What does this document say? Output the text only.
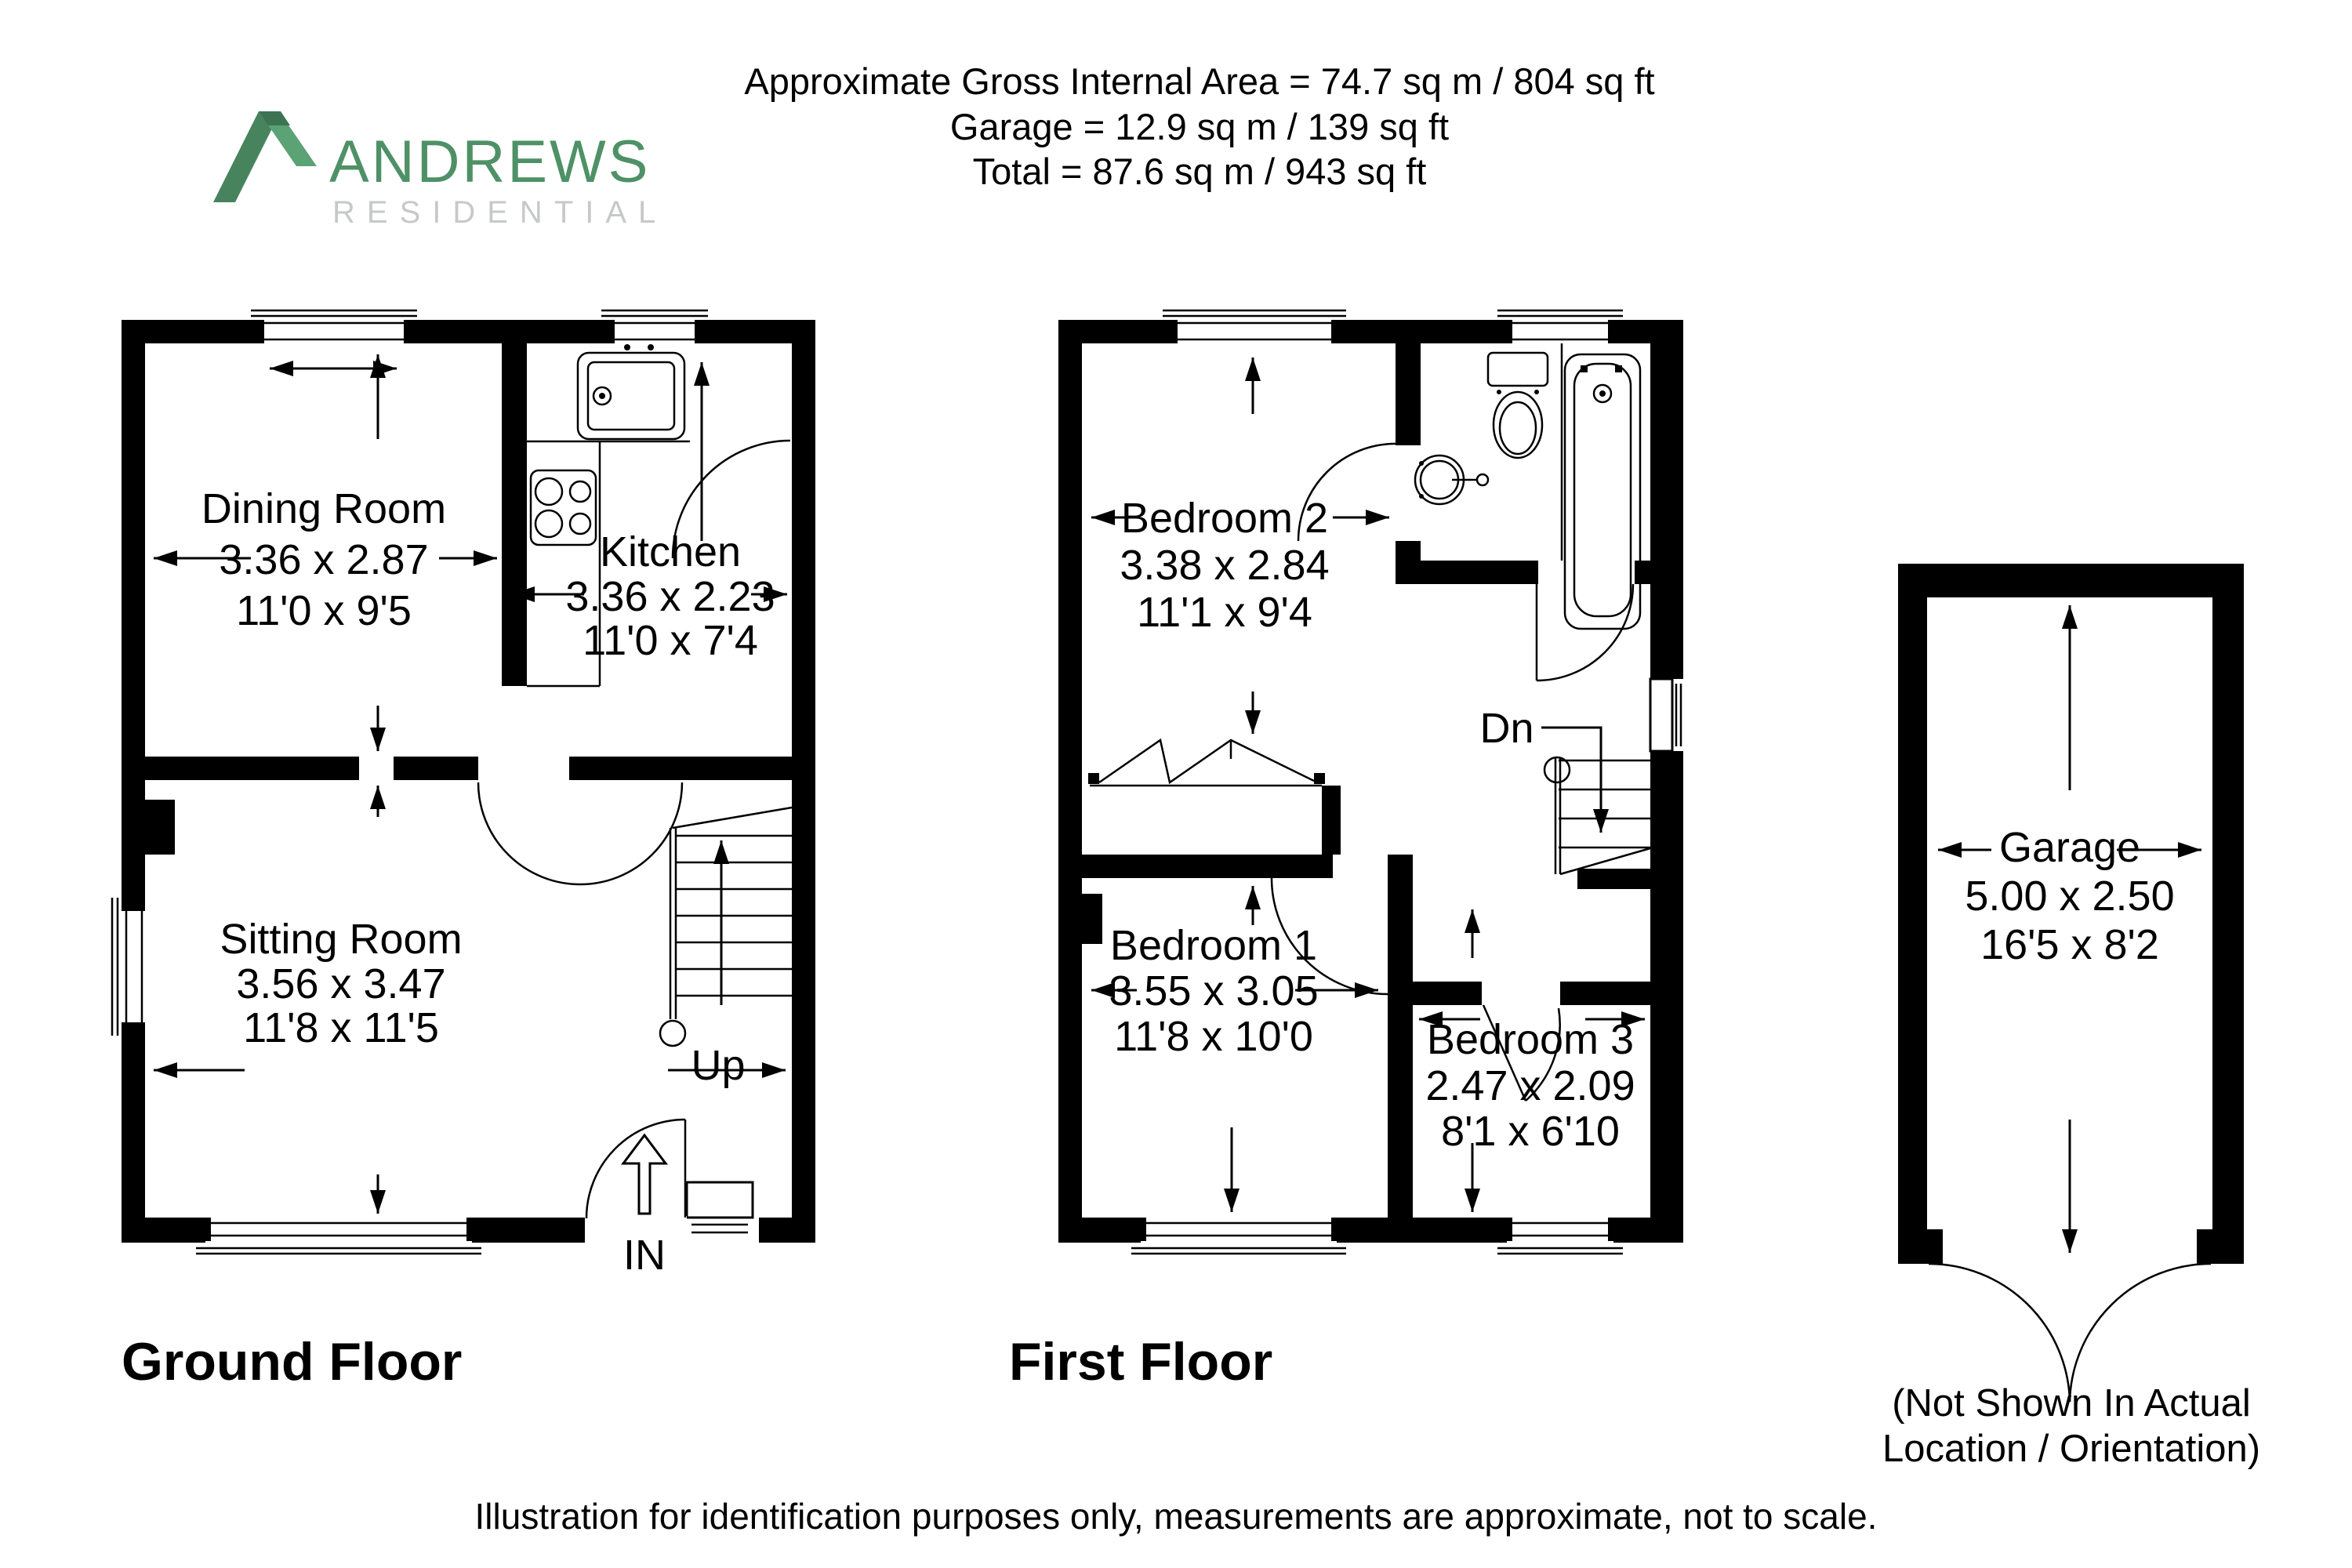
Approximate Gross Internal Area = 74.7 sq m / 804 sq ft
Garage = 12.9 sq m / 139 sq ft
Total = 87.6 sq m / 943 sq ft
ANDREWS
RESIDENTIAL
IN
Up
Dining Room
3.36 x 2.87
11'0 x 9'5
Kitchen
3.36 x 2.23
11'0 x 7'4
Sitting Room
3.56 x 3.47
11'8 x 11'5
Ground Floor
Dn
Bedroom 2
3.38 x 2.84
11'1 x 9'4
Bedroom 1
3.55 x 3.05
11'8 x 10'0	Bedroom 3
2.47 x 2.09
8'1 x 6'10
First Floor
Garage
5.00 x 2.50
16'5 x 8'2
(Not Shown In Actual
Location / Orientation)
Illustration for identification purposes only, measurements are approximate, not to scale.
